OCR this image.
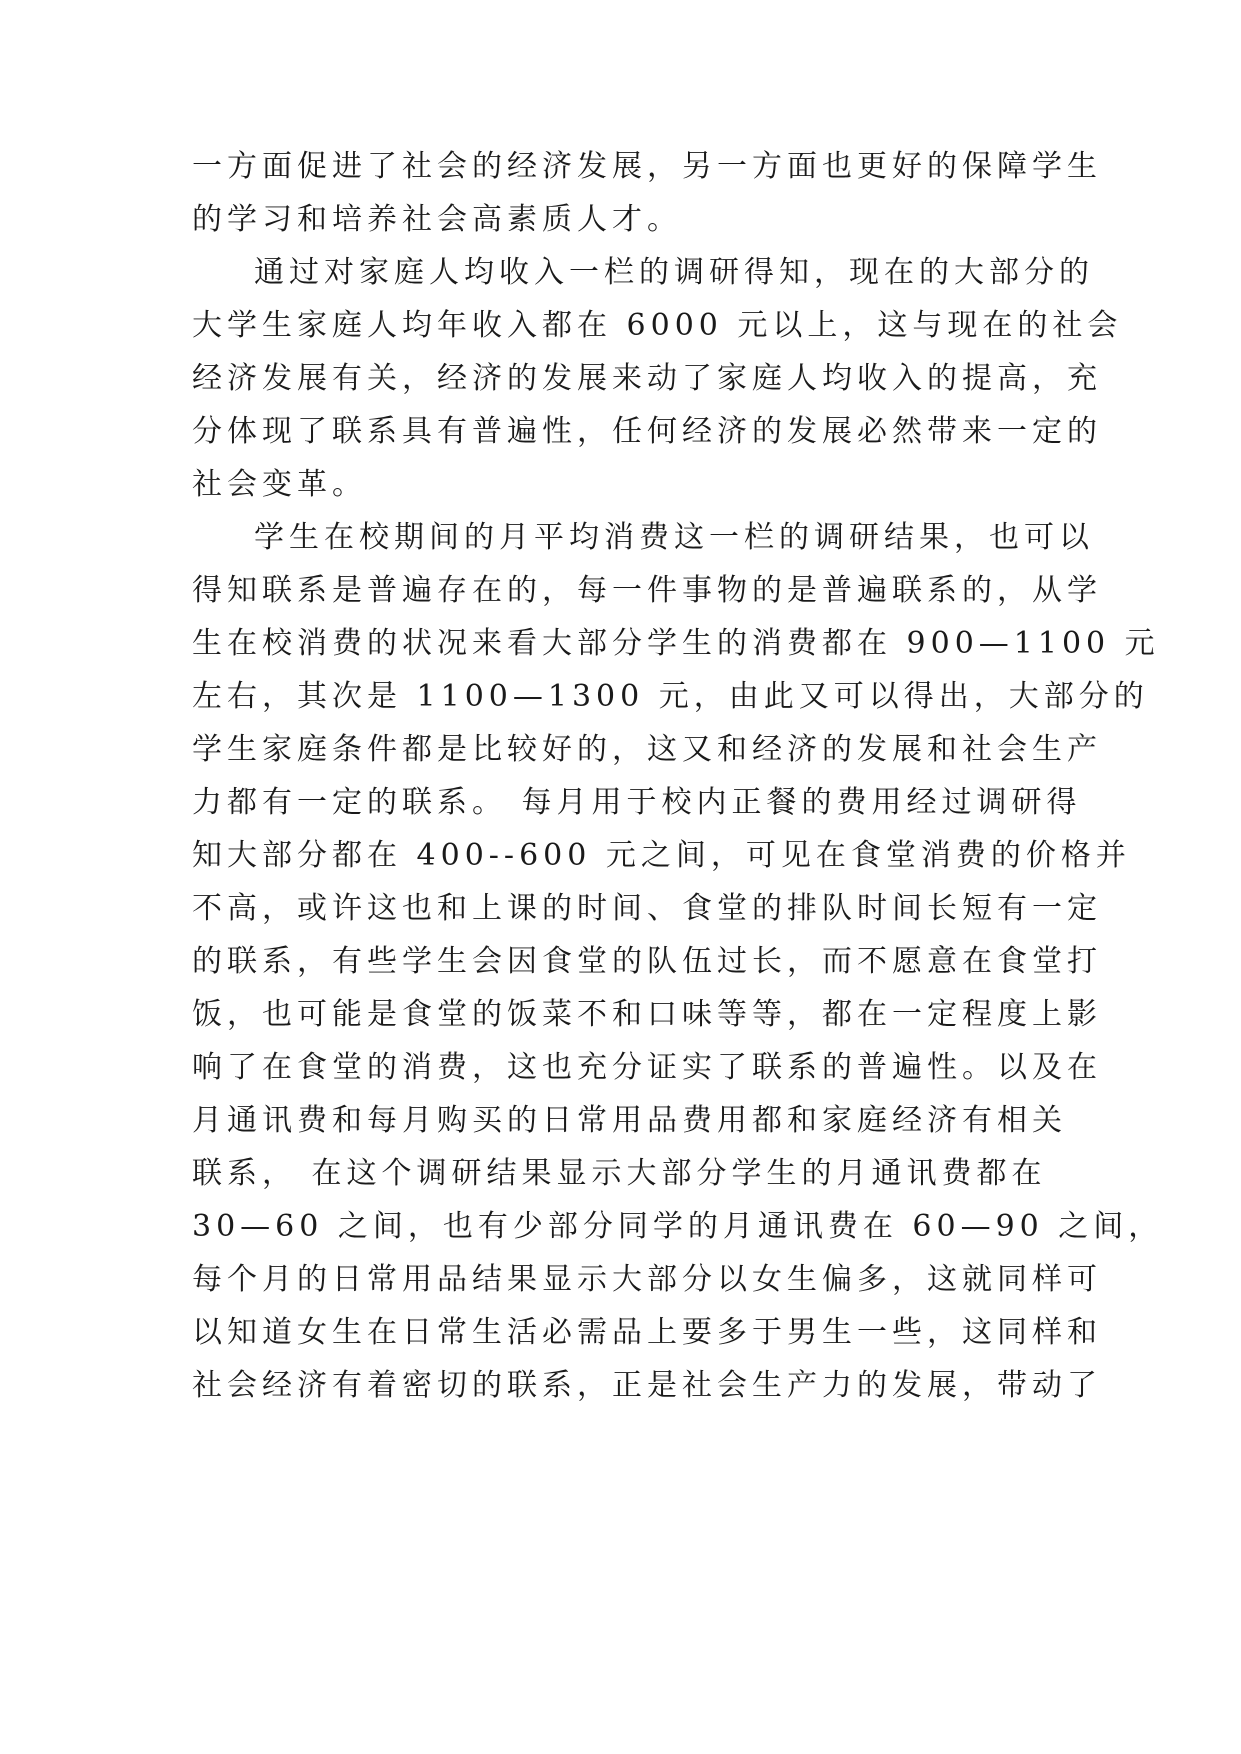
一方面促进了社会的经济发展，另一方面也更好的保障学生
的学习和培养社会高素质人才。
通过对家庭人均收入一栏的调研得知，现在的大部分的
大学生家庭人均年收入都在 6000 元以上，这与现在的社会
经济发展有关，经济的发展来动了家庭人均收入的提高，充
分体现了联系具有普遍性，任何经济的发展必然带来一定的
社会变革。
学生在校期间的月平均消费这一栏的调研结果，也可以
得知联系是普遍存在的，每一件事物的是普遍联系的，从学
生在校消费的状况来看大部分学生的消费都在 900—1100 元
左右，其次是 1100—1300 元，由此又可以得出，大部分的
学生家庭条件都是比较好的，这又和经济的发展和社会生产
力都有一定的联系。 每月用于校内正餐的费用经过调研得
知大部分都在 400--600 元之间，可见在食堂消费的价格并
不高，或许这也和上课的时间、食堂的排队时间长短有一定
的联系，有些学生会因食堂的队伍过长，而不愿意在食堂打
饭，也可能是食堂的饭菜不和口味等等，都在一定程度上影
响了在食堂的消费，这也充分证实了联系的普遍性。以及在
月通讯费和每月购买的日常用品费用都和家庭经济有相关
联系， 在这个调研结果显示大部分学生的月通讯费都在
30—60 之间，也有少部分同学的月通讯费在 60—90 之间，
每个月的日常用品结果显示大部分以女生偏多，这就同样可
以知道女生在日常生活必需品上要多于男生一些，这同样和
社会经济有着密切的联系，正是社会生产力的发展，带动了
